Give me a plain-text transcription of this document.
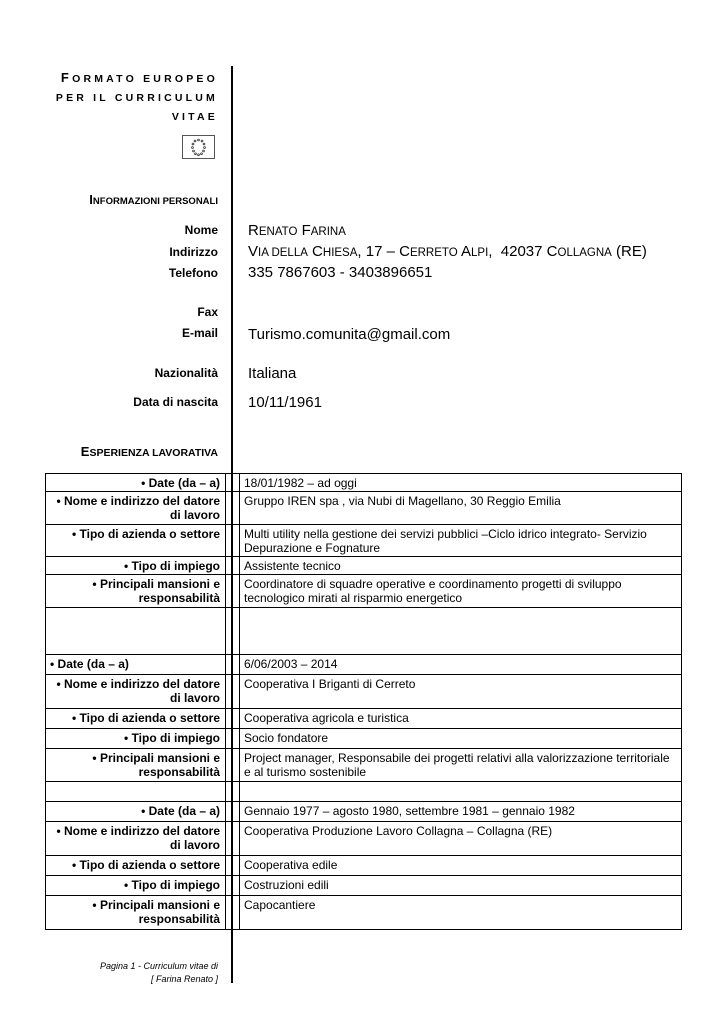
FORMATO EUROPEO
PER IL CURRICULUM
VITAE
INFORMAZIONI PERSONALI
Nome RENATO FARINA
Indirizzo VIA DELLA CHIESA, 17 – CERRETO ALPI,  42037 COLLAGNA (RE)
Telefono 335 7867603 - 3403896651
Fax
E-mail Turismo.comunita@gmail.com
Nazionalità Italiana
Data di nascita 10/11/1961
ESPERIENZA LAVORATIVA
• Date (da – a)			18/01/1982 – ad oggi
• Nome e indirizzo del datore di lavoro			Gruppo IREN spa , via Nubi di Magellano, 30 Reggio Emilia
• Tipo di azienda o settore			Multi utility nella gestione dei servizi pubblici –Ciclo idrico integrato- Servizio Depurazione e Fognature
• Tipo di impiego			Assistente tecnico
• Principali mansioni e responsabilità			Coordinatore di squadre operative e coordinamento progetti di sviluppo tecnologico mirati al risparmio energetico

• Date (da – a)			6/06/2003 – 2014
• Nome e indirizzo del datore di lavoro			Cooperativa I Briganti di Cerreto
• Tipo di azienda o settore			Cooperativa agricola e turistica
• Tipo di impiego			Socio fondatore
• Principali mansioni e responsabilità			Project manager, Responsabile dei progetti relativi alla valorizzazione territoriale e al turismo sostenibile

• Date (da – a)			Gennaio 1977 – agosto 1980, settembre 1981 – gennaio 1982
• Nome e indirizzo del datore di lavoro			Cooperativa Produzione Lavoro Collagna – Collagna (RE)
• Tipo di azienda o settore			Cooperativa edile
• Tipo di impiego			Costruzioni edili
• Principali mansioni e responsabilità			Capocantiere
Pagina 1 - Curriculum vitae di
[ Farina Renato ]
